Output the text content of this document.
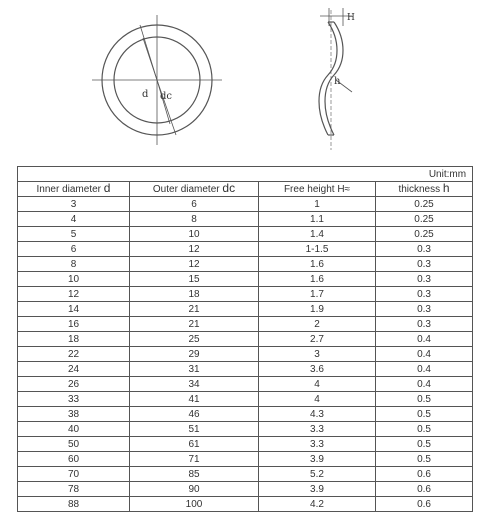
d dc
H
h
Unit:mm			
Inner diameter d	Outer diameter dc	Free height H≈	thickness h
3	6	1	0.25
4	8	1.1	0.25
5	10	1.4	0.25
6	12	1-1.5	0.3
8	12	1.6	0.3
10	15	1.6	0.3
12	18	1.7	0.3
14	21	1.9	0.3
16	21	2	0.3
18	25	2.7	0.4
22	29	3	0.4
24	31	3.6	0.4
26	34	4	0.4
33	41	4	0.5
38	46	4.3	0.5
40	51	3.3	0.5
50	61	3.3	0.5
60	71	3.9	0.5
70	85	5.2	0.6
78	90	3.9	0.6
88	100	4.2	0.6
